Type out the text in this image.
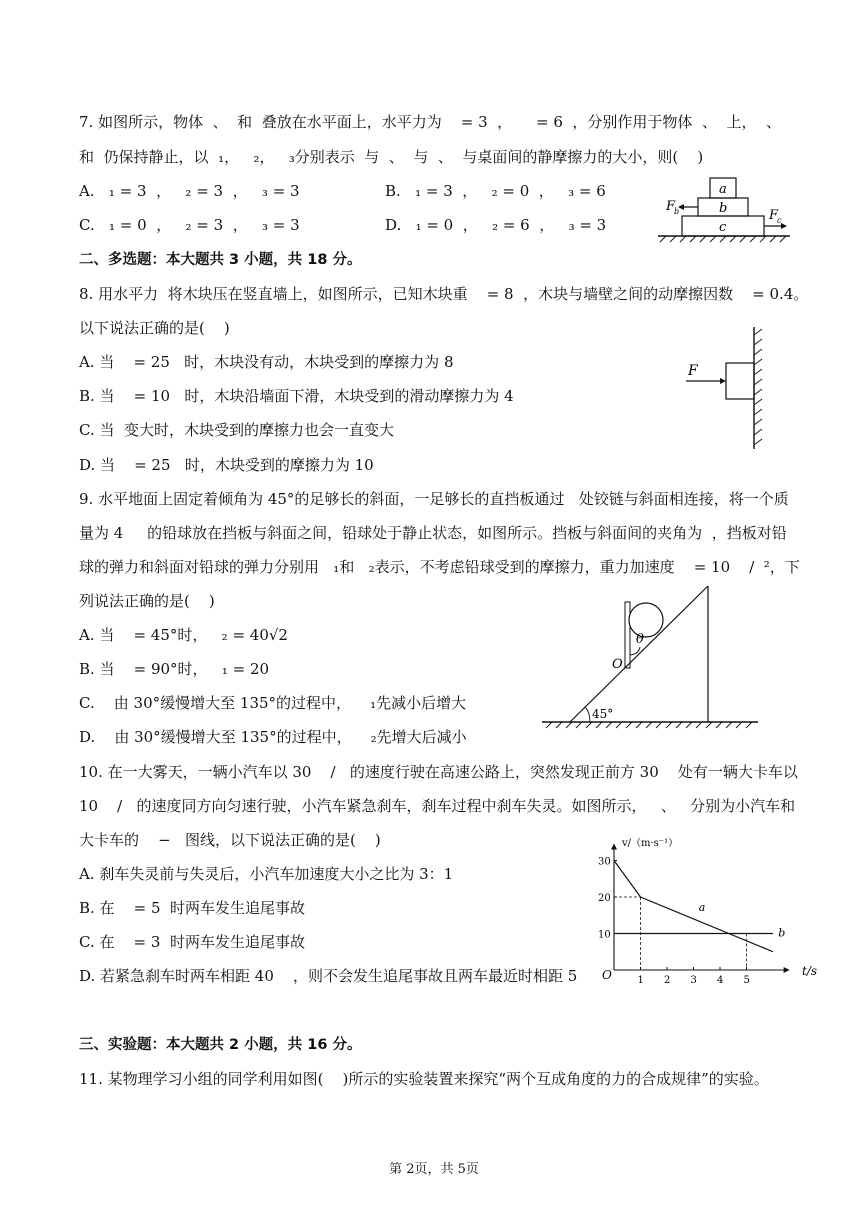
7. 如图所示，物体  、  和  叠放在水平面上，水平力为    = 3  ，     = 6  ，分别作用于物体  、  上，  、
和  仍保持静止，以  ₁，   ₂，   ₃分别表示  与  、  与  、  与桌面间的静摩擦力的大小，则(    )
A.   ₁ = 3  ，   ₂ = 3  ，   ₃ = 3	B.   ₁ = 3  ，   ₂ = 0  ，   ₃ = 6
C.   ₁ = 0  ，   ₂ = 3  ，   ₃ = 3	D.   ₁ = 0  ，   ₂ = 6  ，   ₃ = 3
a
b
c
F
b	F
c
二、多选题：本大题共 3 小题，共 18 分。
8. 用水平力  将木块压在竖直墙上，如图所示，已知木块重    = 8  ，木块与墙壁之间的动摩擦因数    = 0.4。
以下说法正确的是(    )
A. 当    = 25   时，木块没有动，木块受到的摩擦力为 8
B. 当    = 10   时，木块沿墙面下滑，木块受到的滑动摩擦力为 4
C. 当  变大时，木块受到的摩擦力也会一直变大
D. 当    = 25   时，木块受到的摩擦力为 10
F
9. 水平地面上固定着倾角为 45°的足够长的斜面，一足够长的直挡板通过   处铰链与斜面相连接，将一个质
量为 4     的铅球放在挡板与斜面之间，铅球处于静止状态，如图所示。挡板与斜面间的夹角为  ，挡板对铅
球的弹力和斜面对铅球的弹力分别用   ₁和   ₂表示，不考虑铅球受到的摩擦力，重力加速度    = 10    /  ²，下
列说法正确的是(    )
A. 当    = 45°时，   ₂ = 40√2
B. 当    = 90°时，   ₁ = 20
C.    由 30°缓慢增大至 135°的过程中，    ₁先减小后增大
D.    由 30°缓慢增大至 135°的过程中，    ₂先增大后减小
θ
O
45°
10. 在一大雾天，一辆小汽车以 30    /   的速度行驶在高速公路上，突然发现正前方 30    处有一辆大卡车以
10    /   的速度同方向匀速行驶，小汽车紧急刹车，刹车过程中刹车失灵。如图所示，   、   分别为小汽车和
大卡车的    −   图线，以下说法正确的是(    )
A. 刹车失灵前与失灵后，小汽车加速度大小之比为 3：1
B. 在    = 5  时两车发生追尾事故
C. 在    = 3  时两车发生追尾事故
D. 若紧急刹车时两车相距 40    ，则不会发生追尾事故且两车最近时相距 5	1 2 3 4 5
10
20
30
a
b
v/（m·s⁻¹）
t/s
O
三、实验题：本大题共 2 小题，共 16 分。
11. 某物理学习小组的同学利用如图(    )所示的实验装置来探究“两个互成角度的力的合成规律”的实验。
第 2页，共 5页
